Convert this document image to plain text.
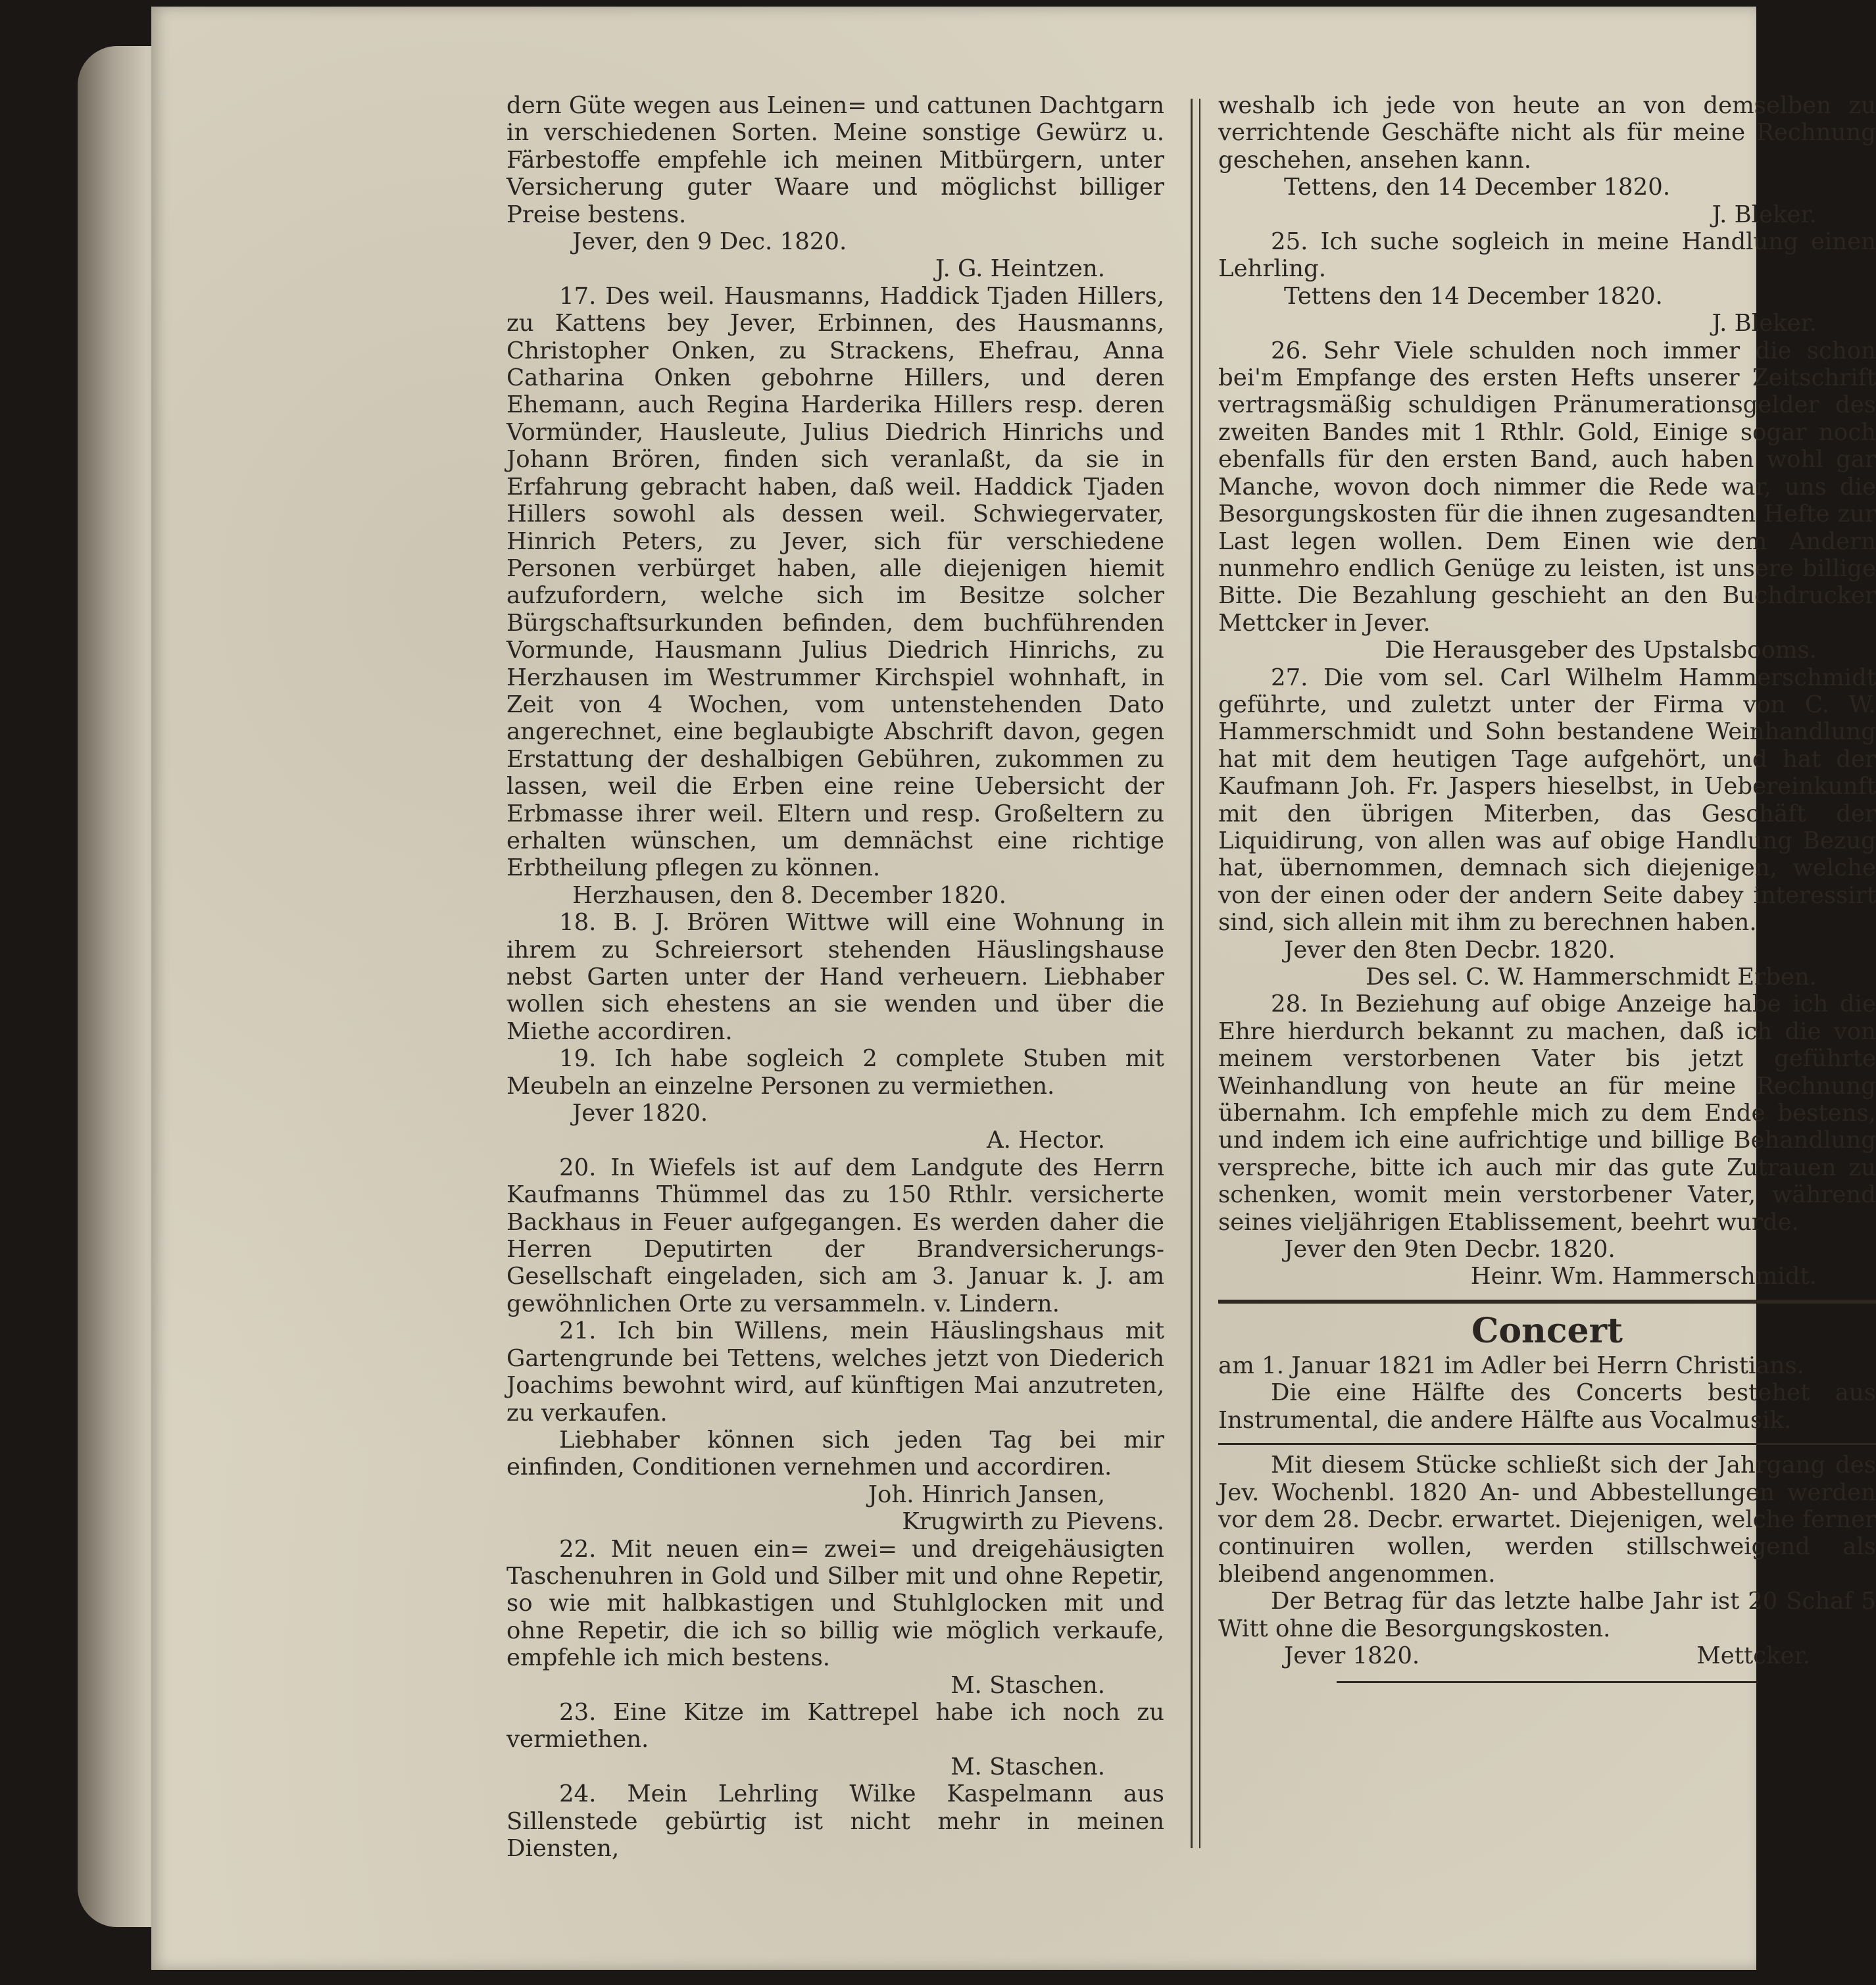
dern Güte wegen aus Leinen= und cattunen Dachtgarn in verschiedenen Sorten. Meine sonstige Gewürz u. Färbestoffe empfehle ich meinen Mitbürgern, unter Versicherung guter Waare und möglichst billiger Preise bestens.

Jever, den 9 Dec. 1820.

J. G. Heintzen.

17. Des weil. Hausmanns, Haddick Tjaden Hillers, zu Kattens bey Jever, Erbinnen, des Hausmanns, Christopher Onken, zu Strackens, Ehefrau, Anna Catharina Onken gebohrne Hillers, und deren Ehemann, auch Regina Harderika Hillers resp. deren Vormünder, Hausleute, Julius Diedrich Hinrichs und Johann Brören, finden sich veranlaßt, da sie in Erfahrung gebracht haben, daß weil. Haddick Tjaden Hillers sowohl als dessen weil. Schwiegervater, Hinrich Peters, zu Jever, sich für verschiedene Personen verbürget haben, alle diejenigen hiemit aufzufordern, welche sich im Besitze solcher Bürgschaftsurkunden befinden, dem buchführenden Vormunde, Hausmann Julius Diedrich Hinrichs, zu Herzhausen im Westrummer Kirchspiel wohnhaft, in Zeit von 4 Wochen, vom untenstehenden Dato angerechnet, eine beglaubigte Abschrift davon, gegen Erstattung der deshalbigen Gebühren, zukommen zu lassen, weil die Erben eine reine Uebersicht der Erbmasse ihrer weil. Eltern und resp. Großeltern zu erhalten wünschen, um demnächst eine richtige Erbtheilung pflegen zu können.

Herzhausen, den 8. December 1820.

18. B. J. Brören Wittwe will eine Wohnung in ihrem zu Schreiersort stehenden Häuslingshause nebst Garten unter der Hand verheuern. Liebhaber wollen sich ehestens an sie wenden und über die Miethe accordiren.

19. Ich habe sogleich 2 complete Stuben mit Meubeln an einzelne Personen zu vermiethen.

Jever 1820.

A. Hector.

20. In Wiefels ist auf dem Landgute des Herrn Kaufmanns Thümmel das zu 150 Rthlr. versicherte Backhaus in Feuer aufgegangen. Es werden daher die Herren Deputirten der Brandversicherungs-Gesellschaft eingeladen, sich am 3. Januar k. J. am gewöhnlichen Orte zu versammeln. v. Lindern.

21. Ich bin Willens, mein Häuslingshaus mit Gartengrunde bei Tettens, welches jetzt von Diederich Joachims bewohnt wird, auf künftigen Mai anzutreten, zu verkaufen.

Liebhaber können sich jeden Tag bei mir einfinden, Conditionen vernehmen und accordiren.

Joh. Hinrich Jansen,

Krugwirth zu Pievens.

22. Mit neuen ein= zwei= und dreigehäusigten Taschenuhren in Gold und Silber mit und ohne Repetir, so wie mit halbkastigen und Stuhlglocken mit und ohne Repetir, die ich so billig wie möglich verkaufe, empfehle ich mich bestens.

M. Staschen.

23. Eine Kitze im Kattrepel habe ich noch zu vermiethen.

M. Staschen.

24. Mein Lehrling Wilke Kaspelmann aus Sillenstede gebürtig ist nicht mehr in meinen Diensten,

weshalb ich jede von heute an von demselben zu verrichtende Geschäfte nicht als für meine Rechnung geschehen, ansehen kann.

Tettens, den 14 December 1820.

J. Bleker.

25. Ich suche sogleich in meine Handlung einen Lehrling.

Tettens den 14 December 1820.

J. Bleker.

26. Sehr Viele schulden noch immer die schon bei'm Empfange des ersten Hefts unserer Zeitschrift vertragsmäßig schuldigen Pränumerationsgelder des zweiten Bandes mit 1 Rthlr. Gold, Einige sogar noch ebenfalls für den ersten Band, auch haben wohl gar Manche, wovon doch nimmer die Rede war, uns die Besorgungskosten für die ihnen zugesandten Hefte zur Last legen wollen. Dem Einen wie dem Andern nunmehro endlich Genüge zu leisten, ist unsere billige Bitte. Die Bezahlung geschieht an den Buchdrucker Mettcker in Jever.

Die Herausgeber des Upstalsbooms.

27. Die vom sel. Carl Wilhelm Hammerschmidt geführte, und zuletzt unter der Firma von C. W. Hammerschmidt und Sohn bestandene Weinhandlung hat mit dem heutigen Tage aufgehört, und hat der Kaufmann Joh. Fr. Jaspers hieselbst, in Uebereinkunft mit den übrigen Miterben, das Geschäft der Liquidirung, von allen was auf obige Handlung Bezug hat, übernommen, demnach sich diejenigen, welche von der einen oder der andern Seite dabey interessirt sind, sich allein mit ihm zu berechnen haben.

Jever den 8ten Decbr. 1820.

Des sel. C. W. Hammerschmidt Erben.

28. In Beziehung auf obige Anzeige habe ich die Ehre hierdurch bekannt zu machen, daß ich die von meinem verstorbenen Vater bis jetzt geführte Weinhandlung von heute an für meine Rechnung übernahm. Ich empfehle mich zu dem Ende bestens, und indem ich eine aufrichtige und billige Behandlung verspreche, bitte ich auch mir das gute Zutrauen zu schenken, womit mein verstorbener Vater, während seines vieljährigen Etablissement, beehrt wurde.

Jever den 9ten Decbr. 1820.

Heinr. Wm. Hammerschmidt.

Concert

am 1. Januar 1821 im Adler bei Herrn Christians.

Die eine Hälfte des Concerts bestehet aus Instrumental, die andere Hälfte aus Vocalmusik.

Mit diesem Stücke schließt sich der Jahrgang des Jev. Wochenbl. 1820 An- und Abbestellungen werden vor dem 28. Decbr. erwartet. Diejenigen, welche ferner continuiren wollen, werden stillschweigend als bleibend angenommen.

Der Betrag für das letzte halbe Jahr ist 20 Schaf 5 Witt ohne die Besorgungskosten.

Jever 1820.	Mettcker.
